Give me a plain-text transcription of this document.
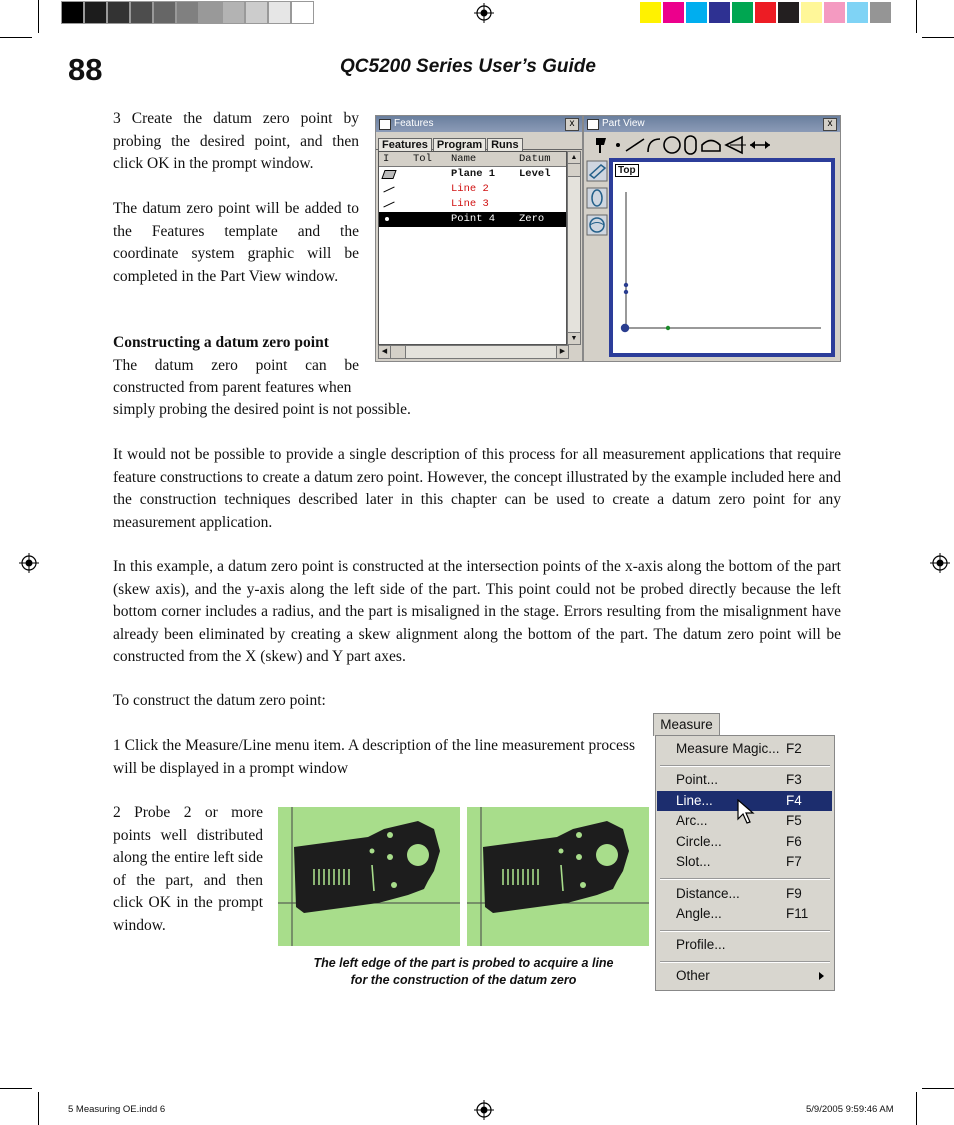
88	QC5200 Series User’s Guide

3 Create the datum zero point by probing the desired point, and then click OK in the prompt window.

The datum zero point will be added to the Features template and the coordinate system graphic will be completed in the Part View window.

Constructing a datum zero point

The datum zero point can be constructed from parent features when

simply probing the desired point is not possible.

Features	x
Features Program Runs
I Tol Name	Datum
Plane 1 Level
Line 2
Line 3
Point 4 Zero
▲
▼
◀	▶
Part View	x

Top
It would not be possible to provide a single description of this process for all measurement applications that require feature constructions to create a datum zero point. However, the concept illustrated by the example included here and the construction techniques described later in this chapter can be used to create a datum zero point for any measurement application.
In this example, a datum zero point is constructed at the intersection points of the x-axis along the bottom of the part (skew axis), and the y-axis along the left side of the part. This point could not be probed directly because the left bottom corner includes a radius, and the part is misaligned in the stage. Errors resulting from the misalignment have already been eliminated by creating a skew alignment along the bottom of the part. The datum zero point will be constructed from the X (skew) and Y part axes.
To construct the datum zero point:
1 Click the Measure/Line menu item. A description of the line measurement process will be displayed in a prompt window
2 Probe 2 or more points well distributed along the entire left side of the part, and then click OK in the prompt window.
The left edge of the part is probed to acquire a line
for the construction of the datum zero
Measure
Measure Magic... F2
Point...	F3
Line...	F4
Arc...	F5
Circle...	F6
Slot...	F7
Distance...	F9
Angle...	F11
Profile...
Other
5 Measuring OE.indd 6	5/9/2005 9:59:46 AM
